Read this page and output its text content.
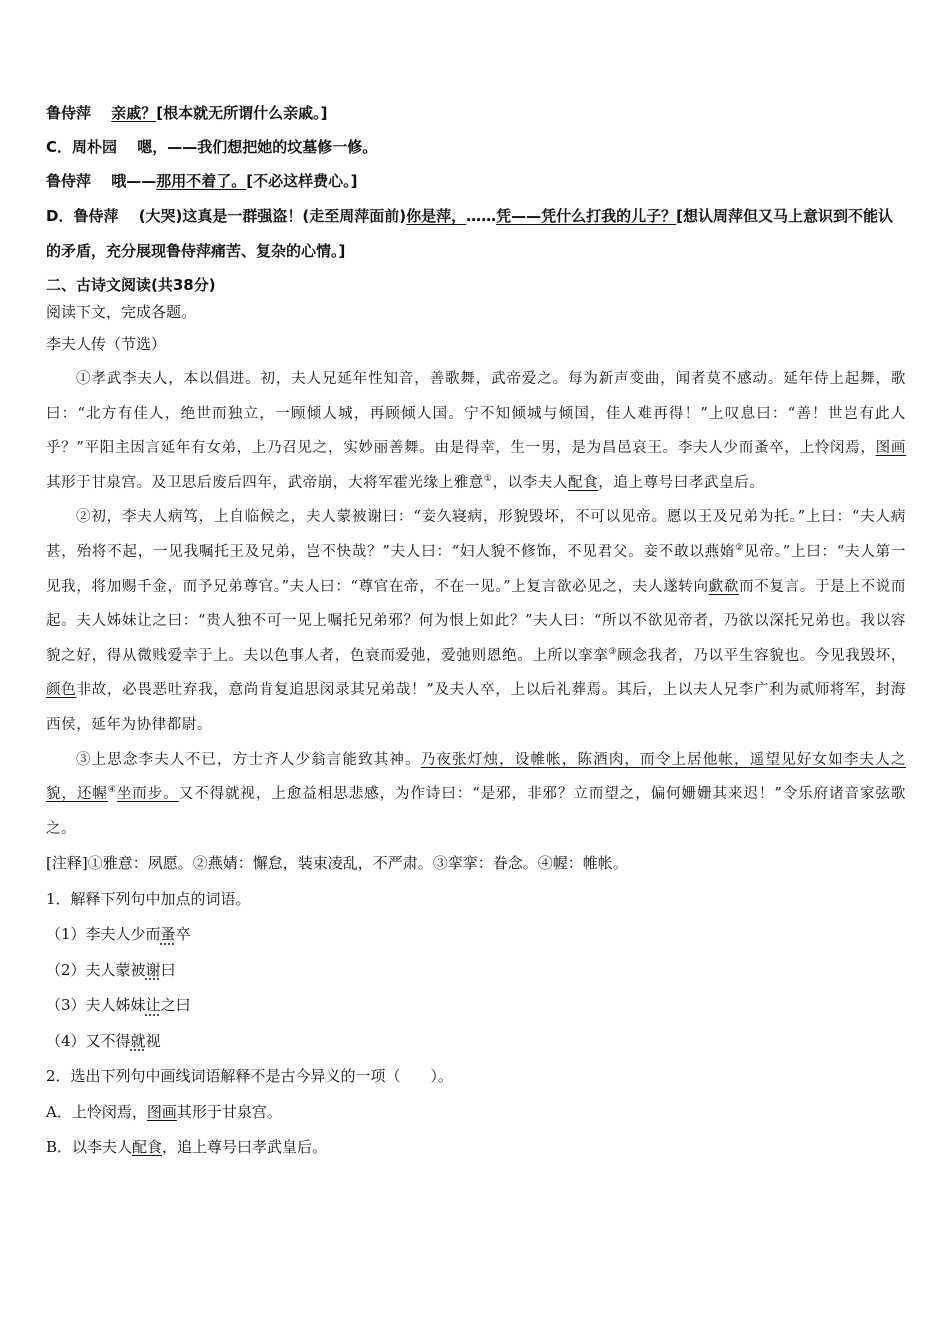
鲁侍萍　 亲戚？[根本就无所谓什么亲戚。]
C．周朴园　 嗯，——我们想把她的坟墓修一修。
鲁侍萍　 哦——那用不着了。[不必这样费心。]
D．鲁侍萍　 (大哭)这真是一群强盗！(走至周萍面前)你是萍，……凭——凭什么打我的儿子？[想认周萍但又马上意识到不能认的矛盾，充分展现鲁侍萍痛苦、复杂的心情。]

二、古诗文阅读(共38分)

阅读下文，完成各题。

李夫人传（节选）

①孝武李夫人，本以倡进。初，夫人兄延年性知音，善歌舞，武帝爱之。每为新声变曲，闻者莫不感动。延年侍上起舞，歌曰：“北方有佳人，绝世而独立，一顾倾人城，再顾倾人国。宁不知倾城与倾国，佳人难再得！”上叹息曰：“善！世岂有此人乎？”平阳主因言延年有女弟，上乃召见之，实妙丽善舞。由是得幸，生一男，是为昌邑哀王。李夫人少而蚤卒，上怜闵焉，图画其形于甘泉宫。及卫思后废后四年，武帝崩，大将军霍光缘上雅意①，以李夫人配食，追上尊号曰孝武皇后。

②初，李夫人病笃，上自临候之，夫人蒙被谢曰：“妾久寝病，形貌毁坏，不可以见帝。愿以王及兄弟为托。”上曰：“夫人病甚，殆将不起，一见我嘱托王及兄弟，岂不快哉？”夫人曰：“妇人貌不修饰，不见君父。妾不敢以燕媠②见帝。”上曰：“夫人第一见我，将加赐千金，而予兄弟尊官。”夫人曰：“尊官在帝，不在一见。”上复言欲必见之，夫人遂转向歔欷而不复言。于是上不说而起。夫人姊妹让之曰：“贵人独不可一见上嘱托兄弟邪？何为恨上如此？”夫人曰：“所以不欲见帝者，乃欲以深托兄弟也。我以容貌之好，得从微贱爱幸于上。夫以色事人者，色衰而爱弛，爱弛则恩绝。上所以挛挛③顾念我者，乃以平生容貌也。今见我毁坏，颜色非故，必畏恶吐弃我，意尚肯复追思闵录其兄弟哉！”及夫人卒，上以后礼葬焉。其后，上以夫人兄李广利为贰师将军，封海西侯，延年为协律都尉。

③上思念李夫人不已，方士齐人少翁言能致其神。乃夜张灯烛，设帷帐，陈酒肉，而令上居他帐，遥望见好女如李夫人之貌，还幄④坐而步。又不得就视，上愈益相思悲感，为作诗曰：“是邪，非邪？立而望之，偏何姗姗其来迟！”令乐府诸音家弦歌之。

[注释]①雅意：夙愿。②燕婧：懈怠，装束凌乱，不严肃。③挛挛：眷念。④幄：帷帐。

1．解释下列句中加点的词语。

（1）李夫人少而蚤卒

（2）夫人蒙被谢曰

（3）夫人姊妹让之曰

（4）又不得就视

2．选出下列句中画线词语解释不是古今异义的一项（　　）。

A．上怜闵焉，图画其形于甘泉宫。

B．以李夫人配食，追上尊号曰孝武皇后。
